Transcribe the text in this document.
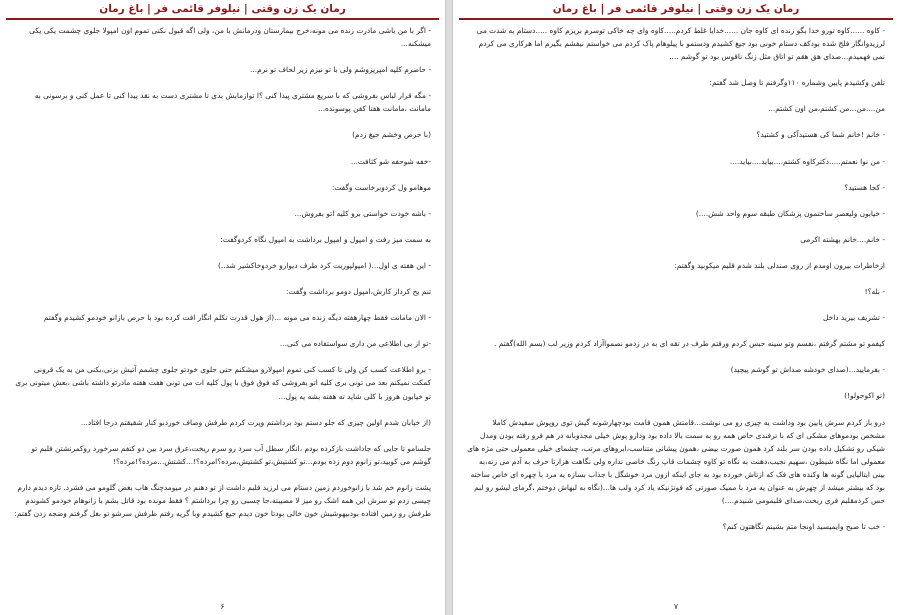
رمان یک زن وقتی | نیلوفر قائمی فر | باغ رمان

- اگر با من باشی مادرت زنده می مونه،خرج بیمارستان ودرمانش با من، ولی اگه قبول نکنی تموم اون امپولا جلوی چشمت یکی یکی میشکنه...

- حاضرم کلیه امپریزوشم ولی با تو نیزم زیر لحاف تو نرم...

- مگه قرار لباس بفروشی که با سریع مشتری پیدا کنی ؟ا توازمایش بدی تا مشتری دست به نقد پیدا کنی تا عمل کنی و برسونی به مامانت ،مامانت هفتا کفن پوسونده...

(با حرص وخشم جیغ زدم)

-خفه شوحفه شو کثافت...

موهامو ول کردوبرخاست وگفت:

- باشه خودت خواستی برو کلیه اتو بفروش...

به سمت میز رفت و امپول و امپول برداشت به امپول نگاه کردوگفت:

- این هفته ی اول...( امپولپوریت کرد طرف دیوارو خردوخاکشیر شد..)

تنم یخ کرداز کارش،امپول دومو برداشت وگفت:

- الان مامانت فقط چهارهفته دیگه زنده می مونه ...(از هول قدرت تکلم انگار افت کرده بود با حرص بازانو خودمو کشیدم وگفتم

-تو از بی اطلاعی من داری سواستفاده می کنی...

- برو اطلاعت کسب کن ولی تا کسب کنی تموم امپولارو میشکنم حتی جلوی خودتو جلوی چشمم آتیش بزنی،بکنی من به یک قرونی کمکت نمیکنم بعد می تونی بری کلیه اتو بفروشی که فوق فوق با پول کلیه ات می تونی هفت هفته مادرتو داشته باشی ،بعش میتونی بری تو خیابون هروز با کلی شاید ته هفته بشه یه پول...

(از خیابان شدم اولین چیزی که جلو دستم بود برداشتم وپرت کردم طرفش وصاف خوردبو کنار شقیقتم درجا افتاد...

جلسامو تا جایی که جاداشت بازکرده بودم ،انگار سطل آب سرد رو سرم ریخت،عرق سرد بین دو کتفم سرخورد روکمرنشتن قلبم تو گوشم می کوبید،تو زانوم دوم زده بودم...تو کشتیش،تو کشتیش،مرده؟امرده؟!...کشتش...مرده؟!مرده؟!

پشت زانوم خم شد با زانوخوردم زمین دستام می لرزید قلبم داشت از تو دهنم در میومدچنگ هاب بغض گلومو می فشرد. تازه دیدم دارم چیسی زدم تو سرش این همه اشک رو میز لا مصیبته،جا چسبی رو چرا برداشتم ؟ فقط مونده بود قاتل بشم با زانوهام خودمو کشوندم طرفش رو زمین افتاده بودبیهوشیش خون خالی بودتا خون دیدم جیغ کشیدم وبا گریه رفتم طرفش سرشو تو بغل گرفتم وضجه زدن گفتم:

۶
رمان یک زن وقتی | نیلوفر قائمی فر | باغ رمان

- کاوه ......کاوه تورو خدا یگو زنده ای کاوه جان ......خدایا غلط کردم.....کاوه وای چه خاکی توسرم بریزم کاوه .....دستام به شدت می لرزیدوانگار فلج شده بودکف دستام خونی بود جیغ کشیدم ودستمو با پیلوهام پاک کردم می خواستم نیفشم بگیرم اما هرکاری می کردم نمی فهمیدم...صدای هق هقم تو اتاق مثل زنگ ناقوس بود تو گوشم ....

تلفن وکشیدم پایین وشماره ۱۱۰وگرفتم تا وصل شد گفتم:

من....من...من کشتم،من اون کشتم...

- خانم !خانم شما کی هستیدآکی و کشتید؟

- من نوا نعمتم.....دکترکاوه کشتم....بیاید....بیاید....

- کجا هستید؟

- خیابون ولیعصر ساختمون پزشکان طبقه سوم واحد شش....)

- خانم....خانم بهشته اکرمی

ازخاطرات بیرون اومدم از روی صندلی بلند شدم قلبم میکوبید وگفتم:

- بله؟!

- تشریف بیرید داخل

کیفمو تو مشتم گرفتم ،نفسم وتو سینه حبس کردم ورفتم طرف در تقه ای به در زدمو نصمواآزاد کردم وزیر لب (بسم الله)گفتم .

- بفرمایید...(صدای خودشه صداش تو گوشم پیچید)

(تو اکوجولو!)

درو باز کردم سرش پایین بود وداشت یه چیزی رو می نوشت...قامتش همون قامت بودچهارشونه گیش توی روپوش سفیدش کاملا مشخص بودموهای مشکی ای که با ترفندی خاص همه رو به سمت بالا داده بود ودارو پوش خیلی مجذوبانه در هم فرو رفته بودن ومدل شیکی رو تشکیل داده بودن سر بلند کرد همون صورت بیضی ،همون پیشانی متناسب،ابروهای مرتب، چشمای خیلی معمولی حتی مژه های معمولی اما نگاه شیطون ،سهیم نجیب،دهنت به نگاه تو کاوه چشمات قاپ رنگ خاصی نداره ولی نگاهت هزارتا حرف به آدم می زنه،به بینی ایتالیایی گونه ها وکنده های فک که ازتاش خورده بود به جای اینکه ازون مرد خوشگل با جذاب بسازه یه مرد با چهره ای خاص ساخته بود که بیشتر میشد از چهرش به عنوان یه مرد با ممیک صورتی که فوتژنیکه یاد کرد ولب ها...(نگاه به لبهاش دوختم ،گرمای لبشو رو لبم حس کردمقلبم فری ریخت،صدای قلبمومی شنیدم....)

- خب تا صبح وایمیسید اونجا متم بشینم نگاهتون کنم؟

۷
